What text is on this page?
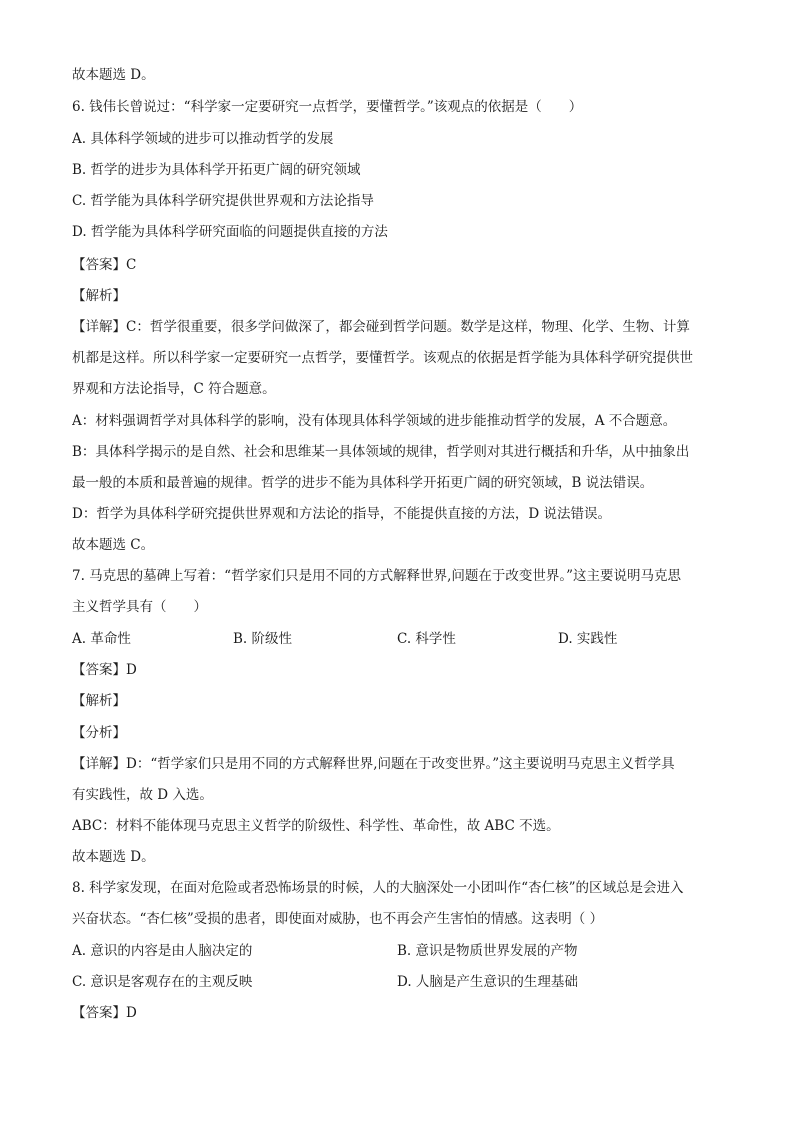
故本题选 D。
6. 钱伟长曾说过：“科学家一定要研究一点哲学，要懂哲学。”该观点的依据是（　　）
A. 具体科学领域的进步可以推动哲学的发展
B. 哲学的进步为具体科学开拓更广阔的研究领域
C. 哲学能为具体科学研究提供世界观和方法论指导
D. 哲学能为具体科学研究面临的问题提供直接的方法
【答案】C
【解析】
【详解】C：哲学很重要，很多学问做深了，都会碰到哲学问题。数学是这样，物理、化学、生物、计算
机都是这样。所以科学家一定要研究一点哲学，要懂哲学。该观点的依据是哲学能为具体科学研究提供世
界观和方法论指导，C 符合题意。
A：材料强调哲学对具体科学的影响，没有体现具体科学领域的进步能推动哲学的发展，A 不合题意。
B：具体科学揭示的是自然、社会和思维某一具体领域的规律，哲学则对其进行概括和升华，从中抽象出
最一般的本质和最普遍的规律。哲学的进步不能为具体科学开拓更广阔的研究领域，B 说法错误。
D：哲学为具体科学研究提供世界观和方法论的指导，不能提供直接的方法，D 说法错误。
故本题选 C。
7. 马克思的墓碑上写着：“哲学家们只是用不同的方式解释世界,问题在于改变世界。”这主要说明马克思
主义哲学具有（　　）
A. 革命性	B. 阶级性	C. 科学性	D. 实践性
【答案】D
【解析】
【分析】
【详解】D：“哲学家们只是用不同的方式解释世界,问题在于改变世界。”这主要说明马克思主义哲学具
有实践性，故 D 入选。
ABC：材料不能体现马克思主义哲学的阶级性、科学性、革命性，故 ABC 不选。
故本题选 D。
8. 科学家发现，在面对危险或者恐怖场景的时候，人的大脑深处一小团叫作“杏仁核”的区域总是会进入
兴奋状态。“杏仁核”受损的患者，即使面对威胁，也不再会产生害怕的情感。这表明（ ）
A. 意识的内容是由人脑决定的	B. 意识是物质世界发展的产物
C. 意识是客观存在的主观反映	D. 人脑是产生意识的生理基础
【答案】D
